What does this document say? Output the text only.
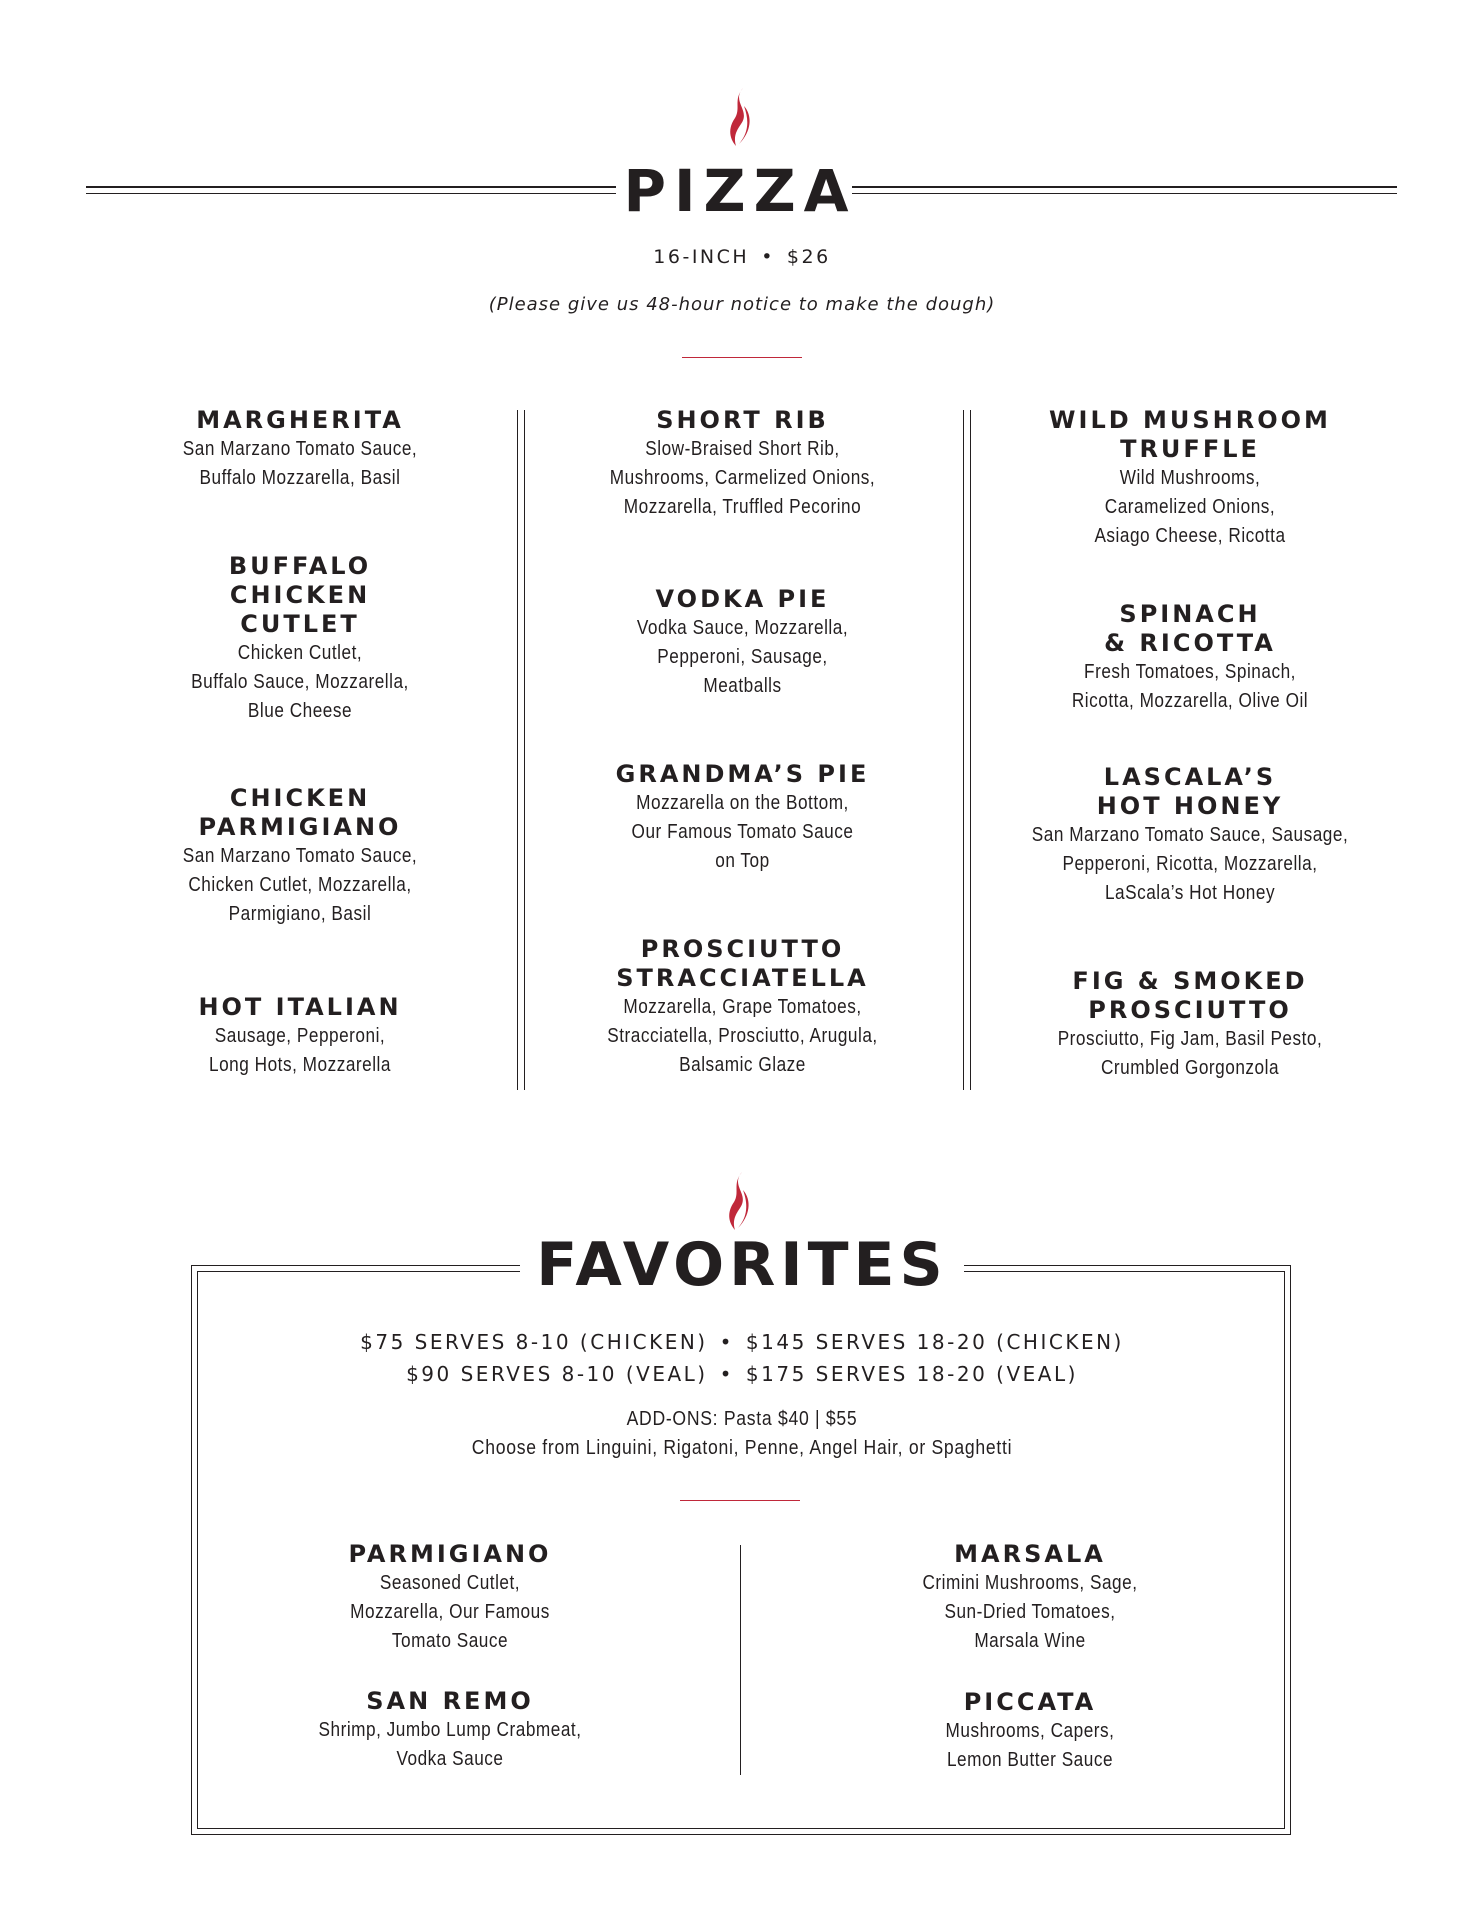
PIZZA
16-INCH • $26
(Please give us 48-hour notice to make the dough)
MARGHERITA
San Marzano Tomato Sauce,
Buffalo Mozzarella, Basil
BUFFALO
CHICKEN
CUTLET
Chicken Cutlet,
Buffalo Sauce, Mozzarella,
Blue Cheese
CHICKEN
PARMIGIANO
San Marzano Tomato Sauce,
Chicken Cutlet, Mozzarella,
Parmigiano, Basil
HOT ITALIAN
Sausage, Pepperoni,
Long Hots, Mozzarella
SHORT RIB
Slow-Braised Short Rib,
Mushrooms, Carmelized Onions,
Mozzarella, Truffled Pecorino
VODKA PIE
Vodka Sauce, Mozzarella,
Pepperoni, Sausage,
Meatballs
GRANDMA’S PIE
Mozzarella on the Bottom,
Our Famous Tomato Sauce
on Top
PROSCIUTTO
STRACCIATELLA
Mozzarella, Grape Tomatoes,
Stracciatella, Prosciutto, Arugula,
Balsamic Glaze
WILD MUSHROOM
TRUFFLE
Wild Mushrooms,
Caramelized Onions,
Asiago Cheese, Ricotta
SPINACH
& RICOTTA
Fresh Tomatoes, Spinach,
Ricotta, Mozzarella, Olive Oil
LASCALA’S
HOT HONEY
San Marzano Tomato Sauce, Sausage,
Pepperoni, Ricotta, Mozzarella,
LaScala’s Hot Honey
FIG & SMOKED
PROSCIUTTO
Prosciutto, Fig Jam, Basil Pesto,
Crumbled Gorgonzola
FAVORITES
$75 SERVES 8-10 (CHICKEN) • $145 SERVES 18-20 (CHICKEN)
$90 SERVES 8-10 (VEAL) • $175 SERVES 18-20 (VEAL)
ADD-ONS: Pasta $40 | $55
Choose from Linguini, Rigatoni, Penne, Angel Hair, or Spaghetti
PARMIGIANO
Seasoned Cutlet,
Mozzarella, Our Famous
Tomato Sauce
SAN REMO
Shrimp, Jumbo Lump Crabmeat,
Vodka Sauce
MARSALA
Crimini Mushrooms, Sage,
Sun-Dried Tomatoes,
Marsala Wine
PICCATA
Mushrooms, Capers,
Lemon Butter Sauce
